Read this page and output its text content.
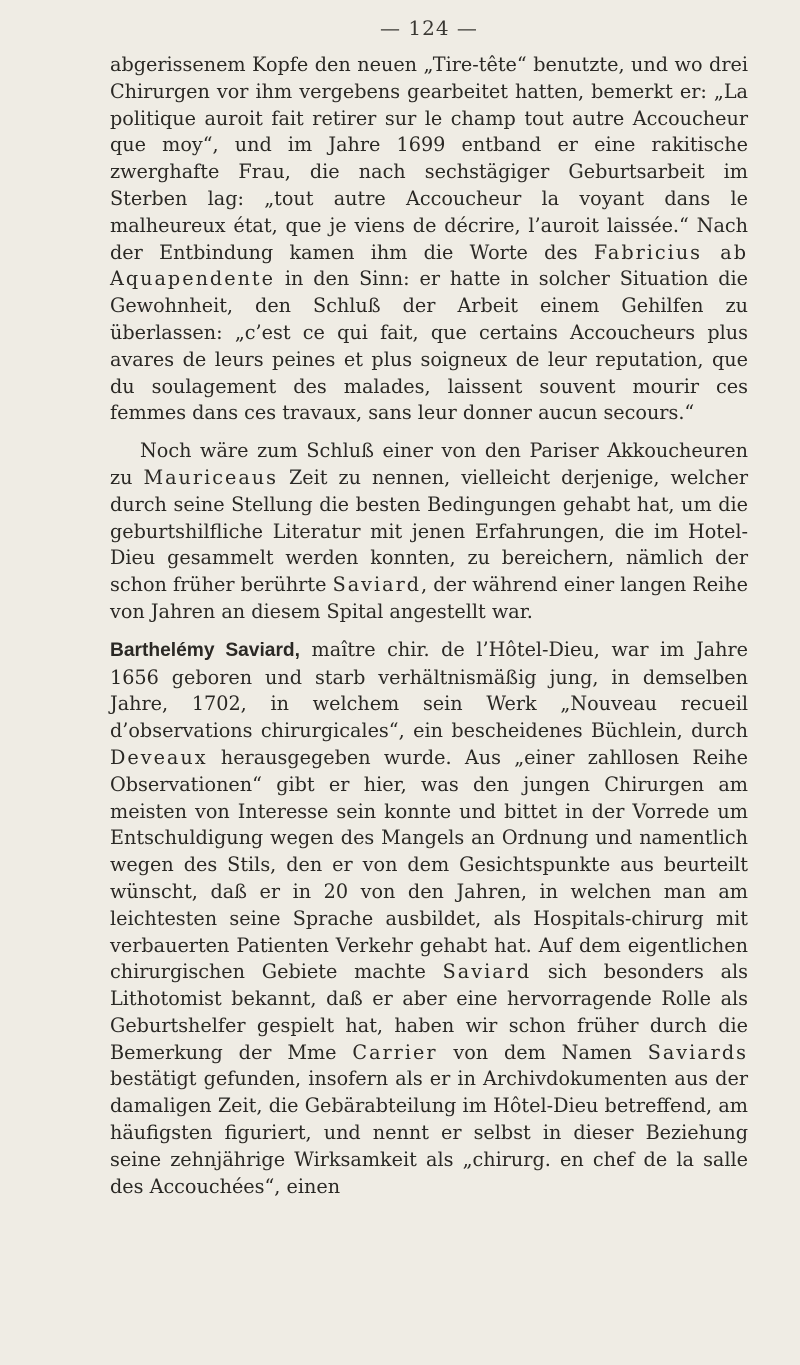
— 124 —

abgerissenem Kopfe den neuen „Tire-tête“ benutzte, und wo drei Chirurgen vor ihm vergebens gearbeitet hatten, bemerkt er: „La politique auroit fait retirer sur le champ tout autre Accoucheur que moy“, und im Jahre 1699 entband er eine rakitische zwerghafte Frau, die nach sechstägiger Geburtsarbeit im Sterben lag: „tout autre Accoucheur la voyant dans le malheureux état, que je viens de décrire, l’auroit laissée.“ Nach der Entbindung kamen ihm die Worte des Fabricius ab Aquapendente in den Sinn: er hatte in solcher Situation die Gewohnheit, den Schluß der Arbeit einem Gehilfen zu überlassen: „c’est ce qui fait, que certains Accoucheurs plus avares de leurs peines et plus soigneux de leur reputation, que du soulagement des malades, laissent souvent mourir ces femmes dans ces travaux, sans leur donner aucun secours.“

Noch wäre zum Schluß einer von den Pariser Akkoucheuren zu Mauriceaus Zeit zu nennen, vielleicht derjenige, welcher durch seine Stellung die besten Bedingungen gehabt hat, um die geburtshilfliche Literatur mit jenen Erfahrungen, die im Hotel-Dieu gesammelt werden konnten, zu bereichern, nämlich der schon früher berührte Saviard, der während einer langen Reihe von Jahren an diesem Spital angestellt war.

Barthelémy Saviard, maître chir. de l’Hôtel-Dieu, war im Jahre 1656 geboren und starb verhältnismäßig jung, in demselben Jahre, 1702, in welchem sein Werk „Nouveau recueil d’observations chirurgicales“, ein bescheidenes Büchlein, durch Deveaux herausgegeben wurde. Aus „einer zahllosen Reihe Observationen“ gibt er hier, was den jungen Chirurgen am meisten von Interesse sein konnte und bittet in der Vorrede um Entschuldigung wegen des Mangels an Ordnung und namentlich wegen des Stils, den er von dem Gesichtspunkte aus beurteilt wünscht, daß er in 20 von den Jahren, in welchen man am leichtesten seine Sprache ausbildet, als Hospitals-chirurg mit verbauerten Patienten Verkehr gehabt hat. Auf dem eigentlichen chirurgischen Gebiete machte Saviard sich besonders als Lithotomist bekannt, daß er aber eine hervorragende Rolle als Geburtshelfer gespielt hat, haben wir schon früher durch die Bemerkung der Mme Carrier von dem Namen Saviards bestätigt gefunden, insofern als er in Archivdokumenten aus der damaligen Zeit, die Gebärabteilung im Hôtel-Dieu betreffend, am häufigsten figuriert, und nennt er selbst in dieser Beziehung seine zehnjährige Wirksamkeit als „chirurg. en chef de la salle des Accouchées“, einen
